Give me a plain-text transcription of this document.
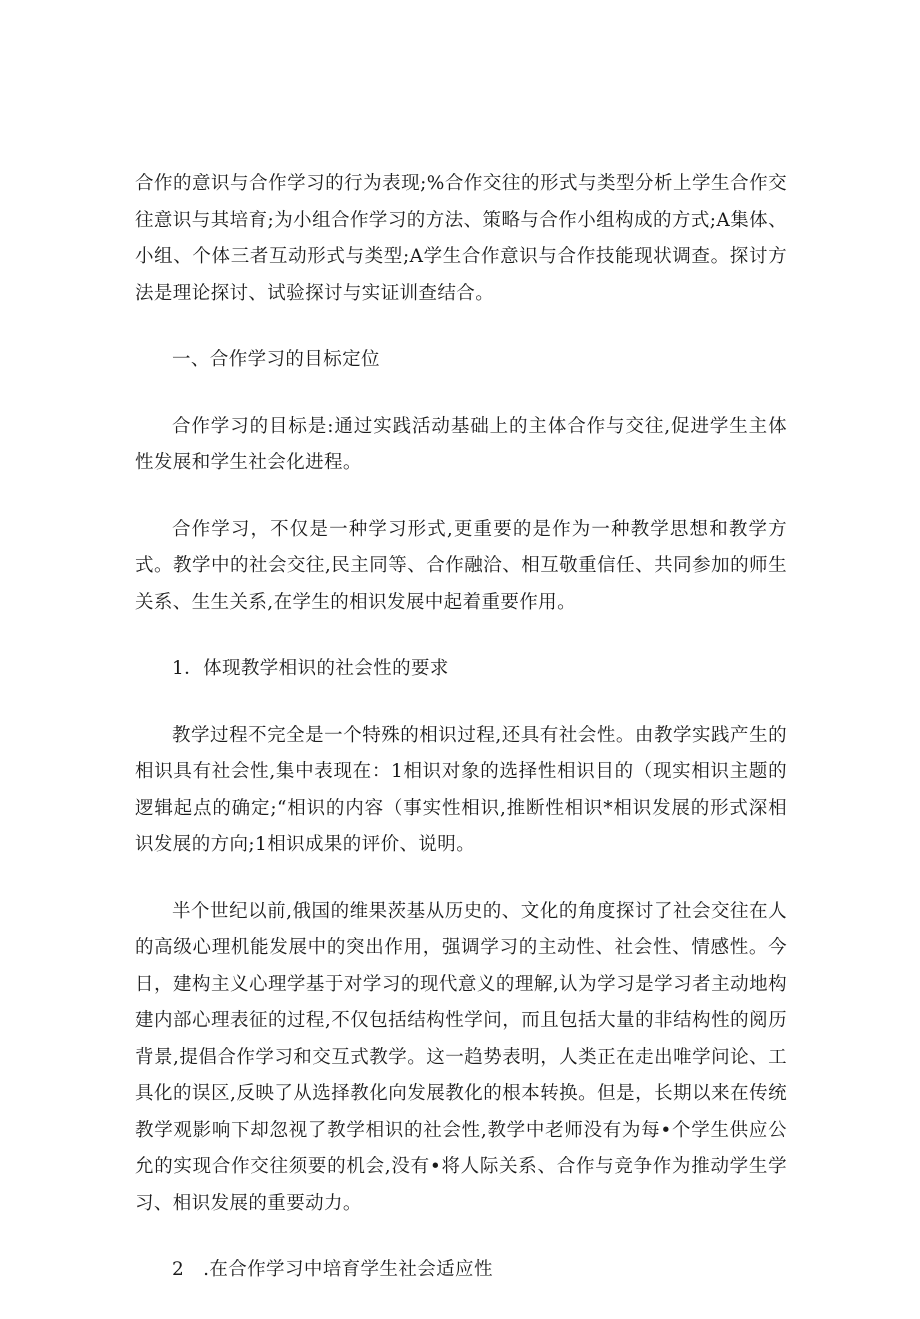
合作的意识与合作学习的行为表现;%合作交往的形式与类型分析上学生合作交往意识与其培育;为小组合作学习的方法、策略与合作小组构成的方式;A集体、小组、个体三者互动形式与类型;A学生合作意识与合作技能现状调查。探讨方法是理论探讨、试验探讨与实证训查结合。

一、合作学习的目标定位

合作学习的目标是:通过实践活动基础上的主体合作与交往,促进学生主体性发展和学生社会化进程。

合作学习，不仅是一种学习形式,更重要的是作为一种教学思想和教学方式。教学中的社会交往,民主同等、合作融洽、相互敬重信任、共同参加的师生关系、生生关系,在学生的相识发展中起着重要作用。

1．体现教学相识的社会性的要求

教学过程不完全是一个特殊的相识过程,还具有社会性。由教学实践产生的相识具有社会性,集中表现在：1相识对象的选择性相识目的（现实相识主题的逻辑起点的确定;“相识的内容（事实性相识,推断性相识*相识发展的形式深相识发展的方向;1相识成果的评价、说明。

半个世纪以前,俄国的维果茨基从历史的、文化的角度探讨了社会交往在人的高级心理机能发展中的突出作用，强调学习的主动性、社会性、情感性。今日，建构主义心理学基于对学习的现代意义的理解,认为学习是学习者主动地构建内部心理表征的过程,不仅包括结构性学问，而且包括大量的非结构性的阅历背景,提倡合作学习和交互式教学。这一趋势表明，人类正在走出唯学问论、工具化的误区,反映了从选择教化向发展教化的根本转换。但是，长期以来在传统教学观影响下却忽视了教学相识的社会性,教学中老师没有为每•个学生供应公允的实现合作交往须要的机会,没有•将人际关系、合作与竞争作为推动学生学习、相识发展的重要动力。

2　.在合作学习中培育学生社会适应性
